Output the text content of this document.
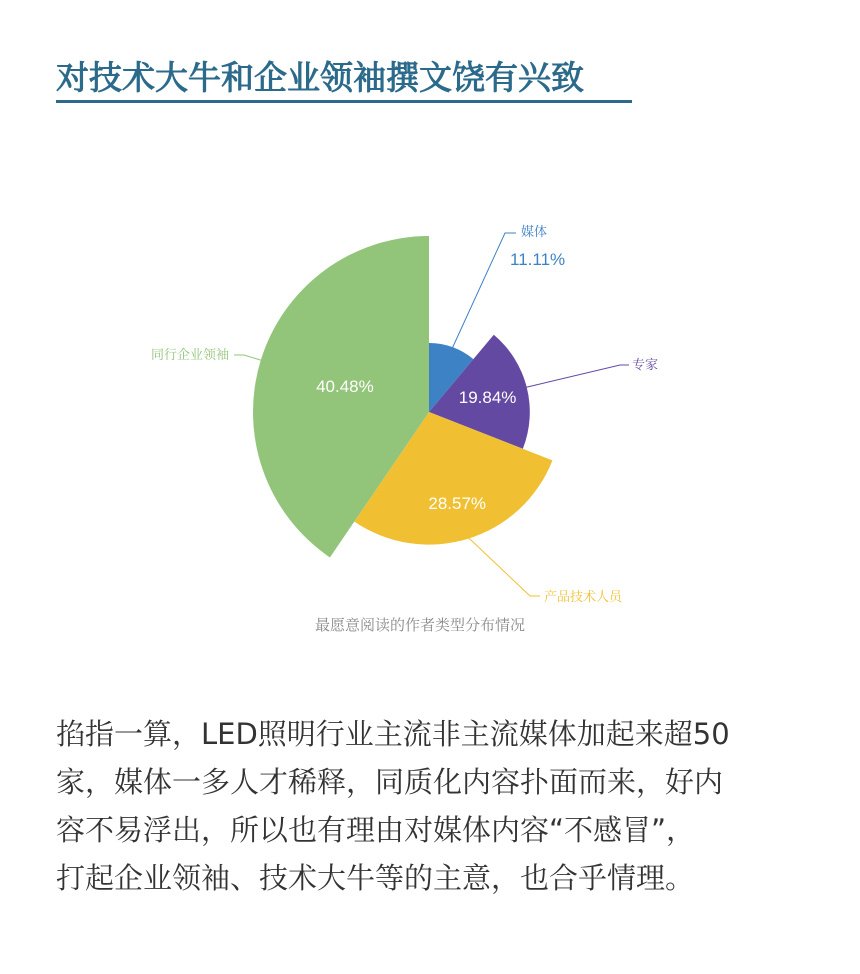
对技术大牛和企业领袖撰文饶有兴致
媒体
11.11%
专家
19.84%
产品技术人员
28.57%
同行企业领袖
40.48%
最愿意阅读的作者类型分布情况
掐指一算，LED照明行业主流非主流媒体加起来超50
家，媒体一多人才稀释，同质化内容扑面而来，好内
容不易浮出，所以也有理由对媒体内容“不感冒”，
打起企业领袖、技术大牛等的主意，也合乎情理。
